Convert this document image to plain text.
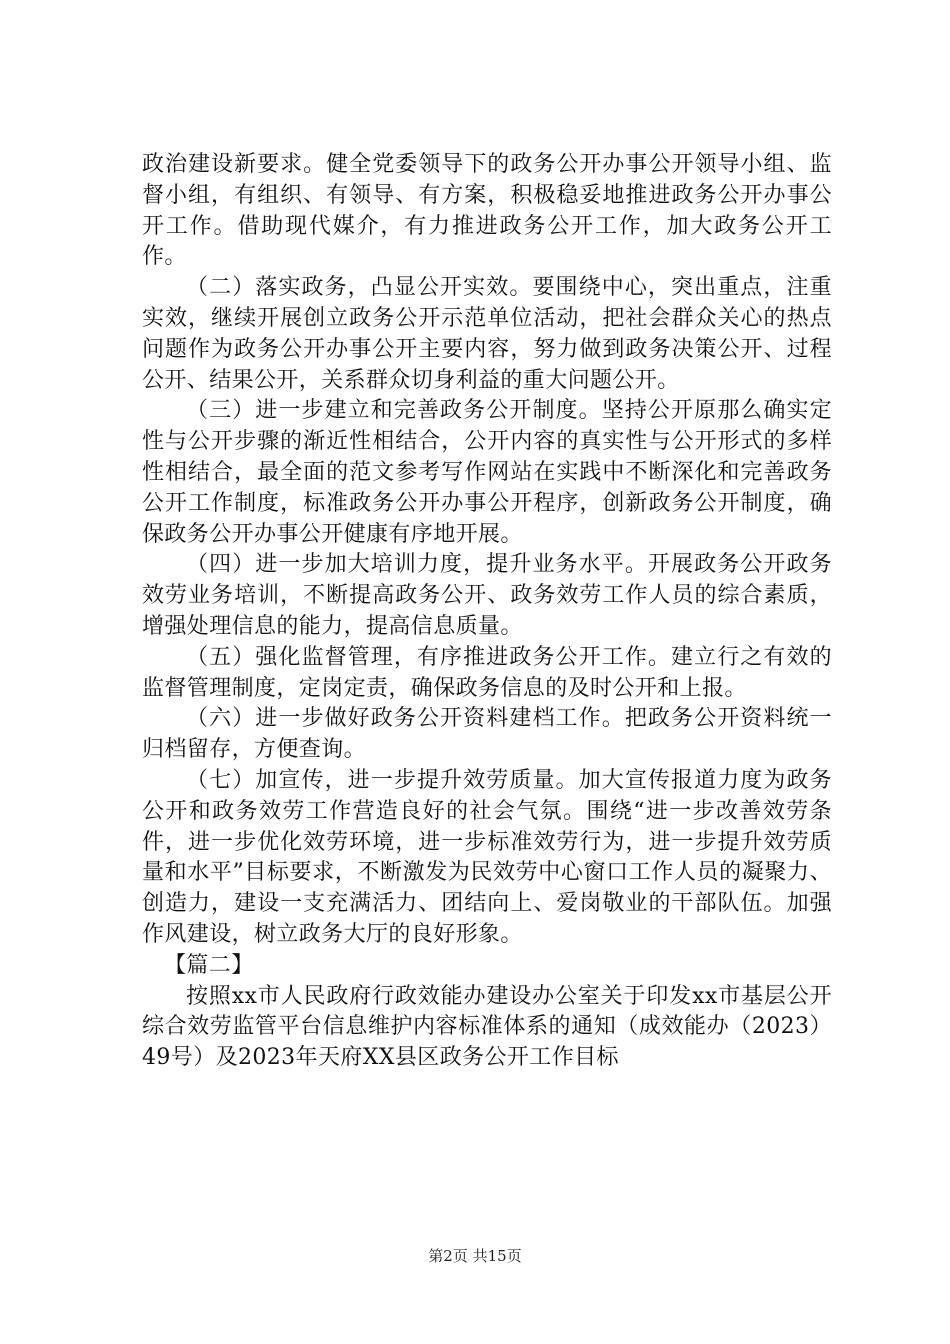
政治建设新要求。健全党委领导下的政务公开办事公开领导小组、监督小组，有组织、有领导、有方案，积极稳妥地推进政务公开办事公开工作。借助现代媒介，有力推进政务公开工作，加大政务公开工作。

（二）落实政务，凸显公开实效。要围绕中心，突出重点，注重实效，继续开展创立政务公开示范单位活动，把社会群众关心的热点问题作为政务公开办事公开主要内容，努力做到政务决策公开、过程公开、结果公开，关系群众切身利益的重大问题公开。

（三）进一步建立和完善政务公开制度。坚持公开原那么确实定性与公开步骤的渐近性相结合，公开内容的真实性与公开形式的多样性相结合，最全面的范文参考写作网站在实践中不断深化和完善政务公开工作制度，标准政务公开办事公开程序，创新政务公开制度，确保政务公开办事公开健康有序地开展。

（四）进一步加大培训力度，提升业务水平。开展政务公开政务效劳业务培训，不断提高政务公开、政务效劳工作人员的综合素质，增强处理信息的能力，提高信息质量。

（五）强化监督管理，有序推进政务公开工作。建立行之有效的监督管理制度，定岗定责，确保政务信息的及时公开和上报。

（六）进一步做好政务公开资料建档工作。把政务公开资料统一归档留存，方便查询。

（七）加宣传，进一步提升效劳质量。加大宣传报道力度为政务公开和政务效劳工作营造良好的社会气氛。围绕“进一步改善效劳条件，进一步优化效劳环境，进一步标准效劳行为，进一步提升效劳质量和水平”目标要求，不断激发为民效劳中心窗口工作人员的凝聚力、创造力，建设一支充满活力、团结向上、爱岗敬业的干部队伍。加强作风建设，树立政务大厅的良好形象。

【篇二】

按照xx市人民政府行政效能办建设办公室关于印发xx市基层公开综合效劳监管平台信息维护内容标准体系的通知（成效能办（2023）49号）及2023年天府XX县区政务公开工作目标

第2页 共15页
